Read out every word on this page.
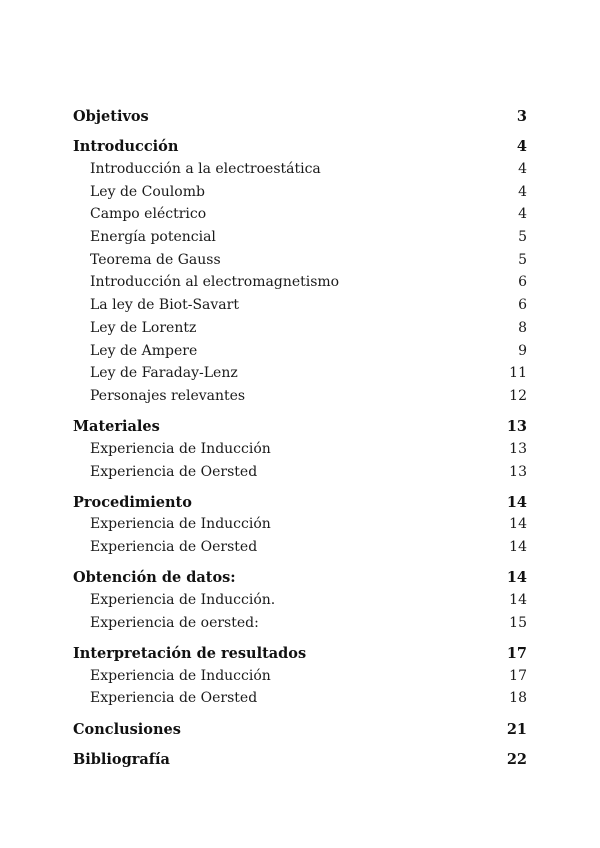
Objetivos	3
Introducción	4
Introducción a la electroestática	4
Ley de Coulomb	4
Campo eléctrico	4
Energía potencial	5
Teorema de Gauss	5
Introducción al electromagnetismo	6
La ley de Biot-Savart	6
Ley de Lorentz	8
Ley de Ampere	9
Ley de Faraday-Lenz	11
Personajes relevantes	12
Materiales	13
Experiencia de Inducción	13
Experiencia de Oersted	13
Procedimiento	14
Experiencia de Inducción	14
Experiencia de Oersted	14
Obtención de datos:	14
Experiencia de Inducción.	14
Experiencia de oersted:	15
Interpretación de resultados	17
Experiencia de Inducción	17
Experiencia de Oersted	18
Conclusiones	21
Bibliografía	22
